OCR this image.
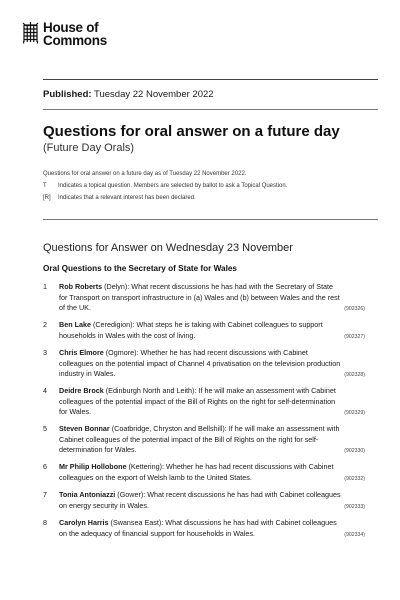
House of
Commons
Published: Tuesday 22 November 2022
Questions for oral answer on a future day
(Future Day Orals)
Questions for oral answer on a future day as of Tuesday 22 November 2022.
T	Indicates a topical question. Members are selected by ballot to ask a Topical Question.
[R]	Indicates that a relevant interest has been declared.
Questions for Answer on Wednesday 23 November
Oral Questions to the Secretary of State for Wales
1 Rob Roberts (Delyn): What recent discussions he has had with the Secretary of State for Transport on transport infrastructure in (a) Wales and (b) between Wales and the rest of the UK.	(902326)
2 Ben Lake (Ceredigion): What steps he is taking with Cabinet colleagues to support households in Wales with the cost of living.	(902327)
3 Chris Elmore (Ogmore): Whether he has had recent discussions with Cabinet colleagues on the potential impact of Channel 4 privatisation on the television production industry in Wales.	(902328)
4 Deidre Brock (Edinburgh North and Leith): If he will make an assessment with Cabinet colleagues of the potential impact of the Bill of Rights on the right for self-determination for Wales.	(902329)
5 Steven Bonnar (Coatbridge, Chryston and Bellshill): If he will make an assessment with Cabinet colleagues of the potential impact of the Bill of Rights on the right for self-determination for Wales.	(902330)
6 Mr Philip Hollobone (Kettering): Whether he has had recent discussions with Cabinet colleagues on the export of Welsh lamb to the United States.	(902332)
7 Tonia Antoniazzi (Gower): What recent discussions he has had with Cabinet colleagues on energy security in Wales.	(902333)
8 Carolyn Harris (Swansea East): What discussions he has had with Cabinet colleagues on the adequacy of financial support for households in Wales.	(902334)
